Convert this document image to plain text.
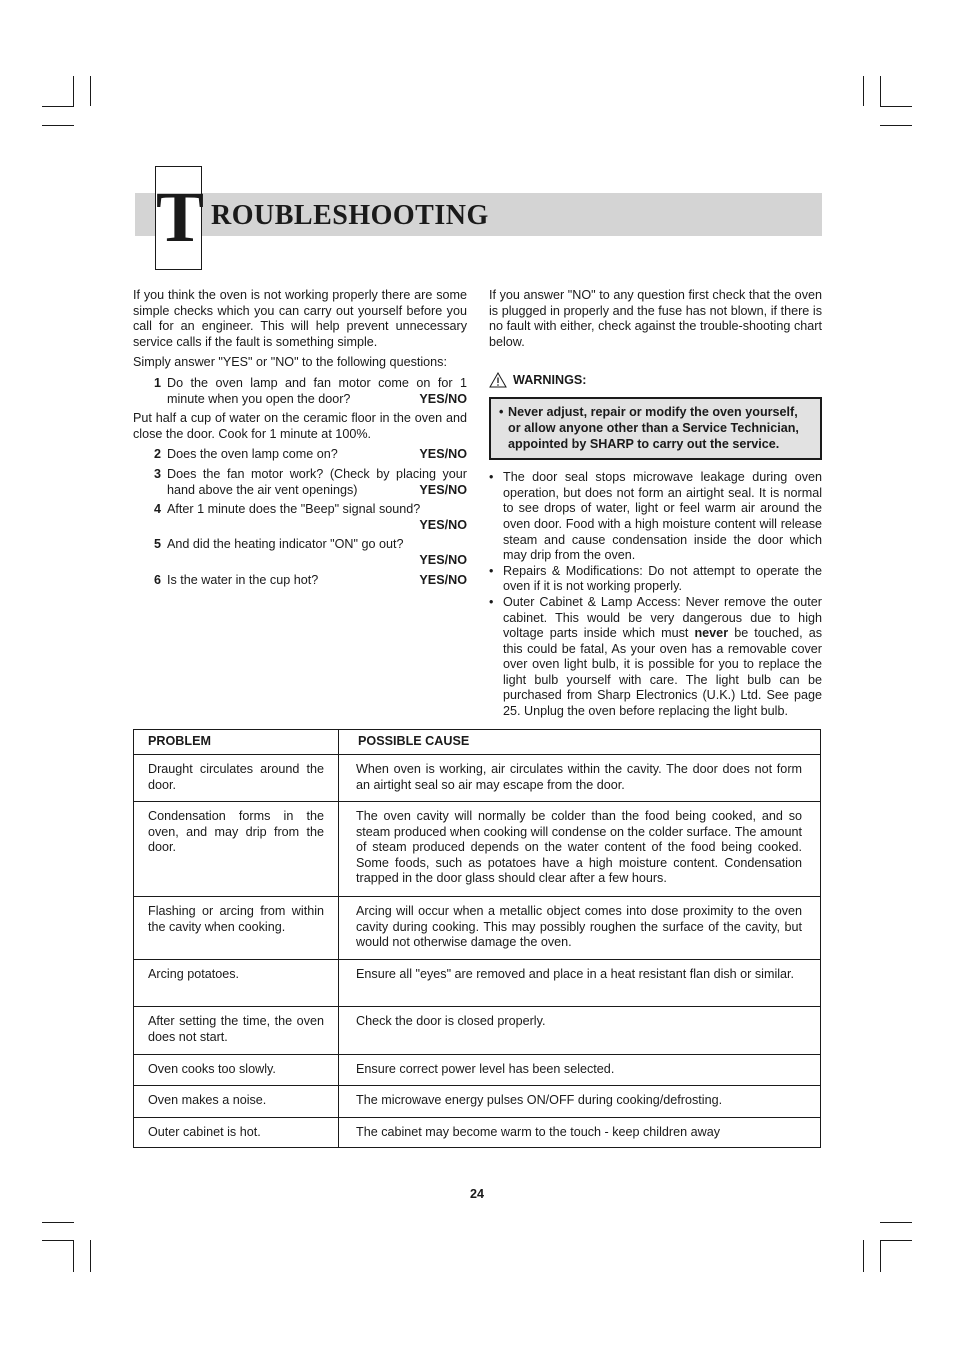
T ROUBLESHOOTING

If you think the oven is not working properly there are some simple checks which you can carry out yourself before you call for an engineer. This will help prevent unnecessary service calls if the fault is something simple.

Simply answer "YES" or "NO" to the following questions:

1 Do the oven lamp and fan motor come on for 1 minute when you open the door?	YES/NO

Put half a cup of water on the ceramic floor in the oven and close the door. Cook for 1 minute at 100%.

2 Does the oven lamp come on?	YES/NO
3 Does the fan motor work? (Check by placing your hand above the air vent openings)	YES/NO
4 After 1 minute does the "Beep" signal sound?
YES/NO
5 And did the heating indicator "ON" go out?
YES/NO
6 Is the water in the cup hot?	YES/NO

If you answer "NO" to any question first check that the oven is plugged in properly and the fuse has not blown, if there is no fault with either, check against the trouble-shooting chart below.

WARNINGS:
• Never adjust, repair or modify the oven yourself, or allow anyone other than a Service Technician, appointed by SHARP to carry out the service.
• The door seal stops microwave leakage during oven operation, but does not form an airtight seal. It is normal to see drops of water, light or feel warm air around the oven door. Food with a high moisture content will release steam and cause condensation inside the door which may drip from the oven.
• Repairs & Modifications: Do not attempt to operate the oven if it is not working properly.
• Outer Cabinet & Lamp Access: Never remove the outer cabinet. This would be very dangerous due to high voltage parts inside which must never be touched, as this could be fatal, As your oven has a removable cover over oven light bulb, it is possible for you to replace the light bulb yourself with care. The light bulb can be purchased from Sharp Electronics (U.K.) Ltd. See page 25. Unplug the oven before replacing the light bulb.
PROBLEM	POSSIBLE CAUSE

Draught circulates around the door.	When oven is working, air circulates within the cavity. The door does not form an airtight seal so air may escape from the door.

Condensation forms in the oven, and may drip from the door.	The oven cavity will normally be colder than the food being cooked, and so steam produced when cooking will condense on the colder surface. The amount of steam produced depends on the water content of the food being cooked. Some foods, such as potatoes have a high moisture content. Condensation trapped in the door glass should clear after a few hours.

Flashing or arcing from within the cavity when cooking.	Arcing will occur when a metallic object comes into dose proximity to the oven cavity during cooking. This may possibly roughen the surface of the cavity, but would not otherwise damage the oven.

Arcing potatoes.	Ensure all "eyes" are removed and place in a heat resistant flan dish or similar.

After setting the time, the oven does not start.	Check the door is closed properly.

Oven cooks too slowly.	Ensure correct power level has been selected.

Oven makes a noise.	The microwave energy pulses ON/OFF during cooking/defrosting.

Outer cabinet is hot.	The cabinet may become warm to the touch - keep children away
24
